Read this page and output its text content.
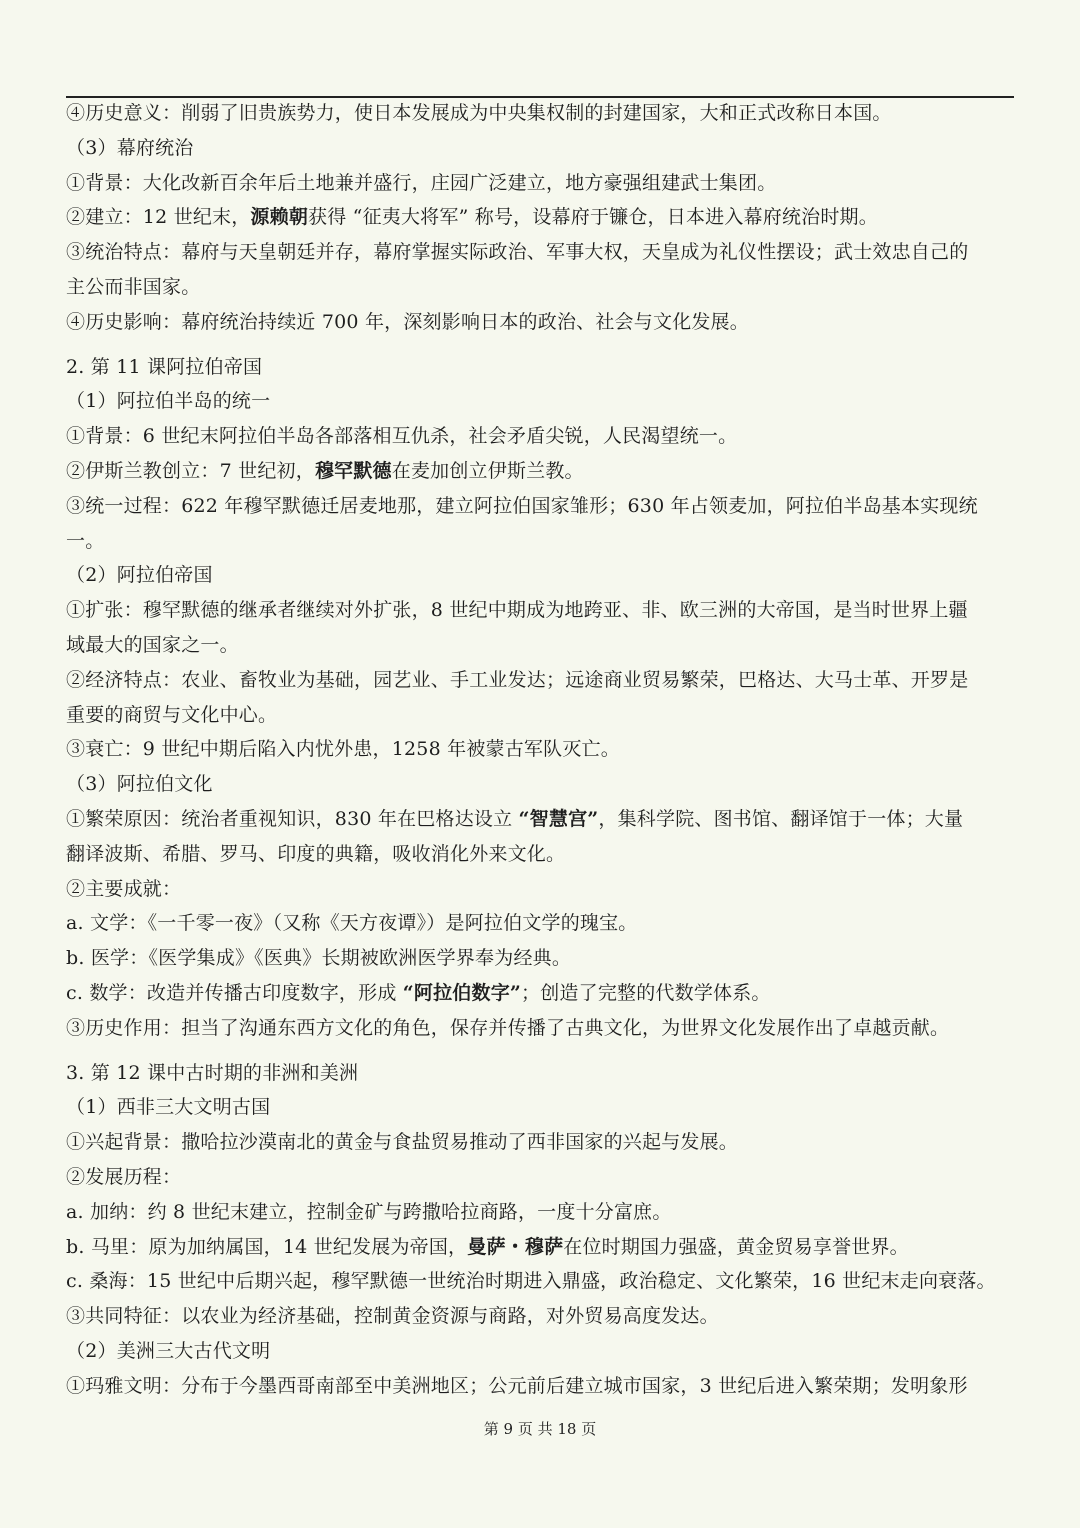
④历史意义：削弱了旧贵族势力，使日本发展成为中央集权制的封建国家，大和正式改称日本国。
（3）幕府统治
①背景：大化改新百余年后土地兼并盛行，庄园广泛建立，地方豪强组建武士集团。
②建立：12 世纪末，源赖朝获得 “征夷大将军” 称号，设幕府于镰仓，日本进入幕府统治时期。
③统治特点：幕府与天皇朝廷并存，幕府掌握实际政治、军事大权，天皇成为礼仪性摆设；武士效忠自己的
主公而非国家。
④历史影响：幕府统治持续近 700 年，深刻影响日本的政治、社会与文化发展。
2. 第 11 课阿拉伯帝国
（1）阿拉伯半岛的统一
①背景：6 世纪末阿拉伯半岛各部落相互仇杀，社会矛盾尖锐，人民渴望统一。
②伊斯兰教创立：7 世纪初，穆罕默德在麦加创立伊斯兰教。
③统一过程：622 年穆罕默德迁居麦地那，建立阿拉伯国家雏形；630 年占领麦加，阿拉伯半岛基本实现统
一。
（2）阿拉伯帝国
①扩张：穆罕默德的继承者继续对外扩张，8 世纪中期成为地跨亚、非、欧三洲的大帝国，是当时世界上疆
域最大的国家之一。
②经济特点：农业、畜牧业为基础，园艺业、手工业发达；远途商业贸易繁荣，巴格达、大马士革、开罗是
重要的商贸与文化中心。
③衰亡：9 世纪中期后陷入内忧外患，1258 年被蒙古军队灭亡。
（3）阿拉伯文化
①繁荣原因：统治者重视知识，830 年在巴格达设立 “智慧宫”，集科学院、图书馆、翻译馆于一体；大量
翻译波斯、希腊、罗马、印度的典籍，吸收消化外来文化。
②主要成就：
a. 文学：《一千零一夜》（又称《天方夜谭》）是阿拉伯文学的瑰宝。
b. 医学：《医学集成》《医典》长期被欧洲医学界奉为经典。
c. 数学：改造并传播古印度数字，形成 “阿拉伯数字”；创造了完整的代数学体系。
③历史作用：担当了沟通东西方文化的角色，保存并传播了古典文化，为世界文化发展作出了卓越贡献。
3. 第 12 课中古时期的非洲和美洲
（1）西非三大文明古国
①兴起背景：撒哈拉沙漠南北的黄金与食盐贸易推动了西非国家的兴起与发展。
②发展历程：
a. 加纳：约 8 世纪末建立，控制金矿与跨撒哈拉商路，一度十分富庶。
b. 马里：原为加纳属国，14 世纪发展为帝国，曼萨・穆萨在位时期国力强盛，黄金贸易享誉世界。
c. 桑海：15 世纪中后期兴起，穆罕默德一世统治时期进入鼎盛，政治稳定、文化繁荣，16 世纪末走向衰落。
③共同特征：以农业为经济基础，控制黄金资源与商路，对外贸易高度发达。
（2）美洲三大古代文明
①玛雅文明：分布于今墨西哥南部至中美洲地区；公元前后建立城市国家，3 世纪后进入繁荣期；发明象形
第 9 页 共 18 页
